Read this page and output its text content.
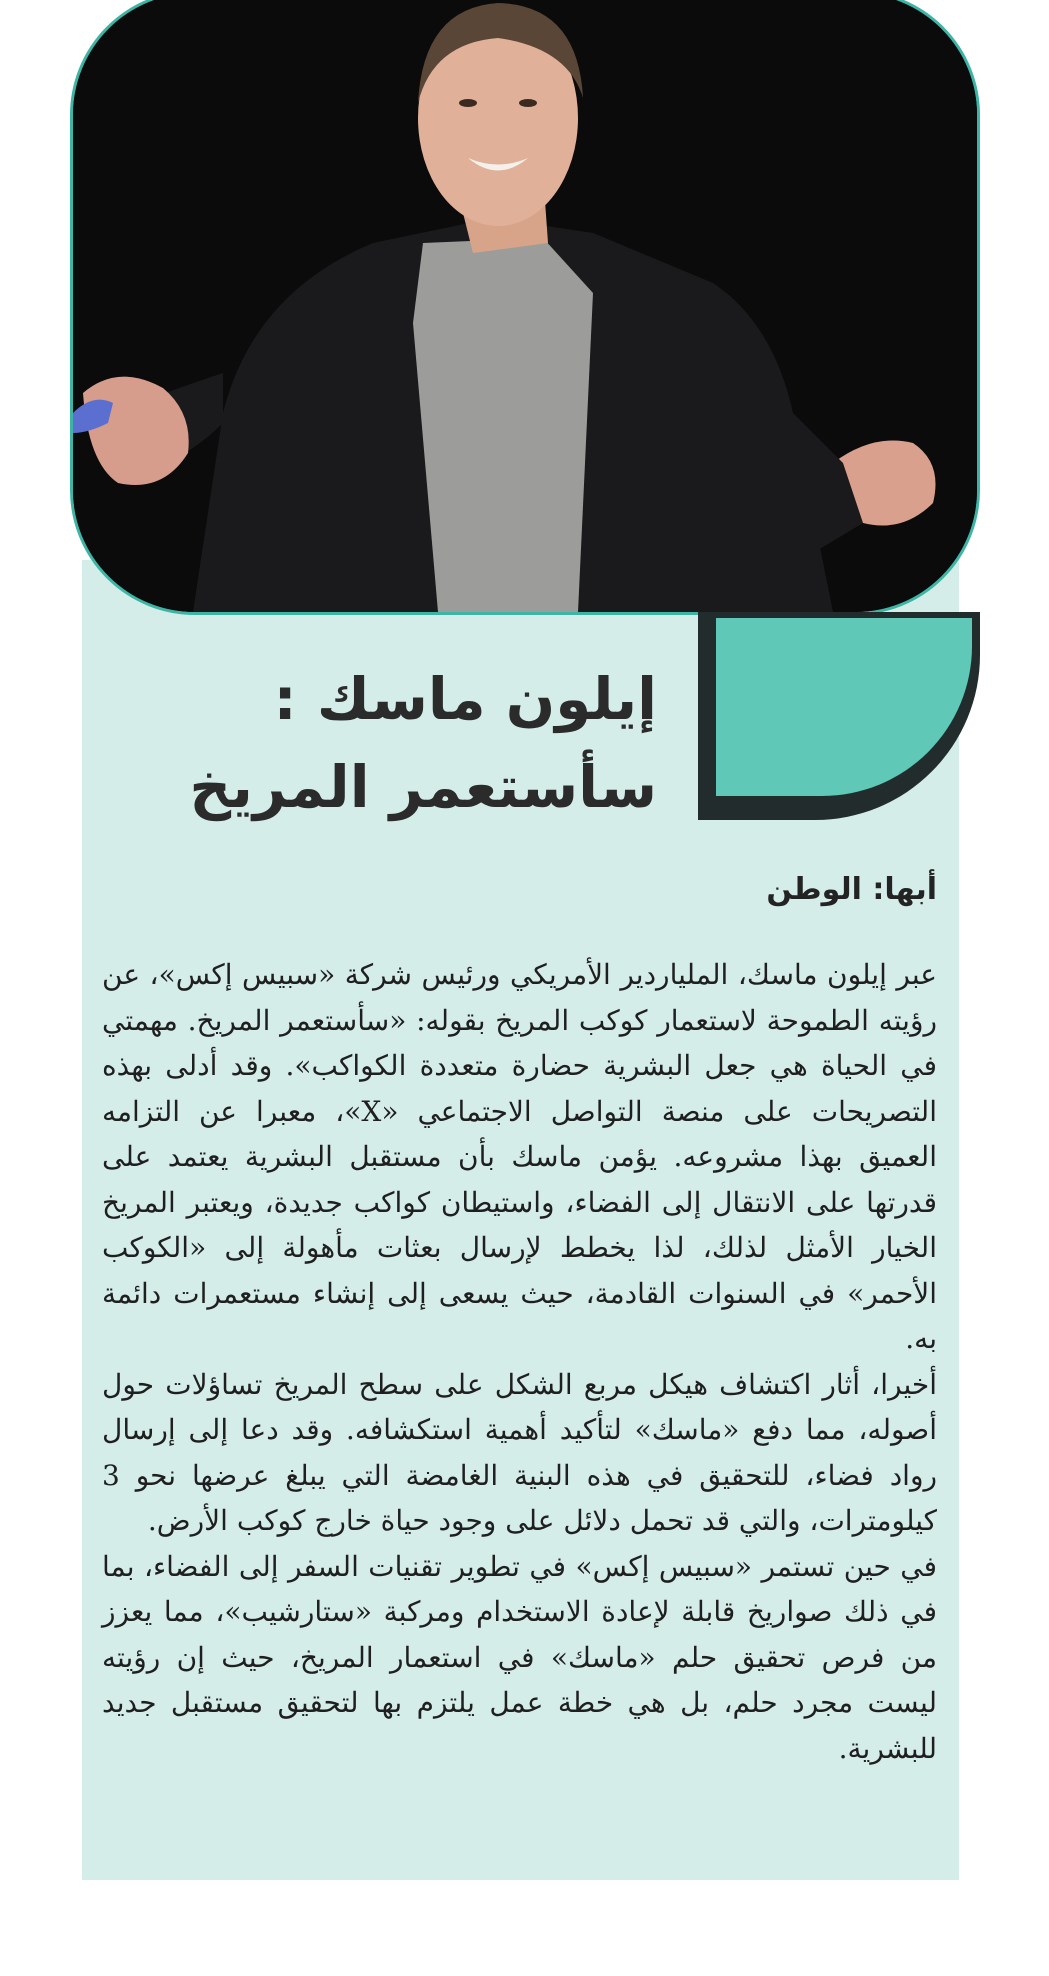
إيلون ماسك :
سأستعمر المريخ
أبها: الوطن

عبر إيلون ماسك، الملياردير الأمريكي ورئيس شركة «سبيس إكس»، عن رؤيته الطموحة لاستعمار كوكب المريخ بقوله: «سأستعمر المريخ. مهمتي في الحياة هي جعل البشرية حضارة متعددة الكواكب». وقد أدلى بهذه التصريحات على منصة التواصل الاجتماعي «X»، معبرا عن التزامه العميق بهذا مشروعه. يؤمن ماسك بأن مستقبل البشرية يعتمد على قدرتها على الانتقال إلى الفضاء، واستيطان كواكب جديدة، ويعتبر المريخ الخيار الأمثل لذلك، لذا يخطط لإرسال بعثات مأهولة إلى «الكوكب الأحمر» في السنوات القادمة، حيث يسعى إلى إنشاء مستعمرات دائمة به.

أخيرا، أثار اكتشاف هيكل مربع الشكل على سطح المريخ تساؤلات حول أصوله، مما دفع «ماسك» لتأكيد أهمية استكشافه. وقد دعا إلى إرسال رواد فضاء، للتحقيق في هذه البنية الغامضة التي يبلغ عرضها نحو 3 كيلومترات، والتي قد تحمل دلائل على وجود حياة خارج كوكب الأرض.

في حين تستمر «سبيس إكس» في تطوير تقنيات السفر إلى الفضاء، بما في ذلك صواريخ قابلة لإعادة الاستخدام ومركبة «ستارشيب»، مما يعزز من فرص تحقيق حلم «ماسك» في استعمار المريخ، حيث إن رؤيته ليست مجرد حلم، بل هي خطة عمل يلتزم بها لتحقيق مستقبل جديد للبشرية.
